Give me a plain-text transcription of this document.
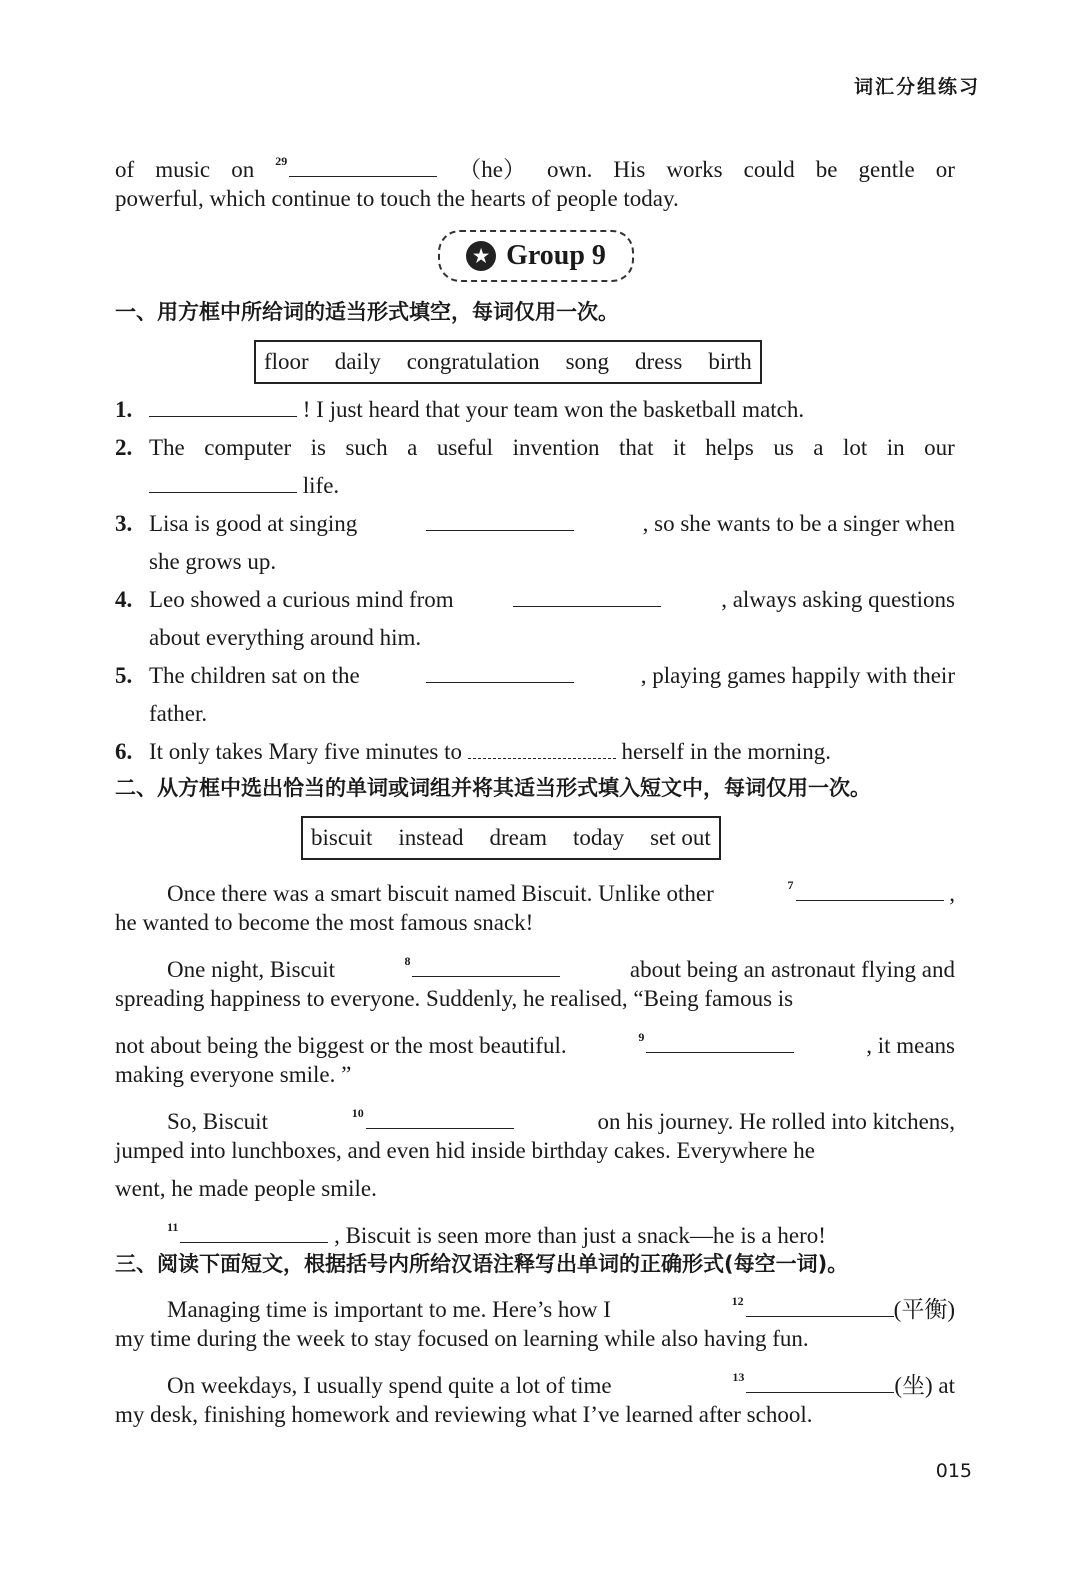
词汇分组练习
of music on $^{29}$	（he） own. His works could be gentle or
powerful, which continue to touch the hearts of people today.
★ Group 9
一、用方框中所给词的适当形式填空，每词仅用一次。
floor daily congratulation song dress birth
1.	! I just heard that your team won the basketball match.
2. The computer is such a useful invention that it helps us a lot in our
life.
3. Lisa is good at singing	, so she wants to be a singer when
she grows up.
4. Leo showed a curious mind from	, always asking questions
about everything around him.
5. The children sat on the	, playing games happily with their
father.
6. It only takes Mary five minutes to	herself in the morning.
二、从方框中选出恰当的单词或词组并将其适当形式填入短文中，每词仅用一次。
biscuit instead dream today set out
Once there was a smart biscuit named Biscuit. Unlike other	$^7$	,
he wanted to become the most famous snack!
One night, Biscuit	$^8$	about being an astronaut flying and
spreading happiness to everyone. Suddenly, he realised, “Being famous is
not about being the biggest or the most beautiful.	$^9$	, it means
making everyone smile. ”
So, Biscuit	$^{10}$	on his journey. He rolled into kitchens,
jumped into lunchboxes, and even hid inside birthday cakes. Everywhere he
went, he made people smile.
$^{11}$	, Biscuit is seen more than just a snack—he is a hero!
三、阅读下面短文，根据括号内所给汉语注释写出单词的正确形式(每空一词)。
Managing time is important to me. Here’s how I	$^{12}$	(平衡)
my time during the week to stay focused on learning while also having fun.
On weekdays, I usually spend quite a lot of time	$^{13}$	(坐) at
my desk, finishing homework and reviewing what I’ve learned after school.
015
